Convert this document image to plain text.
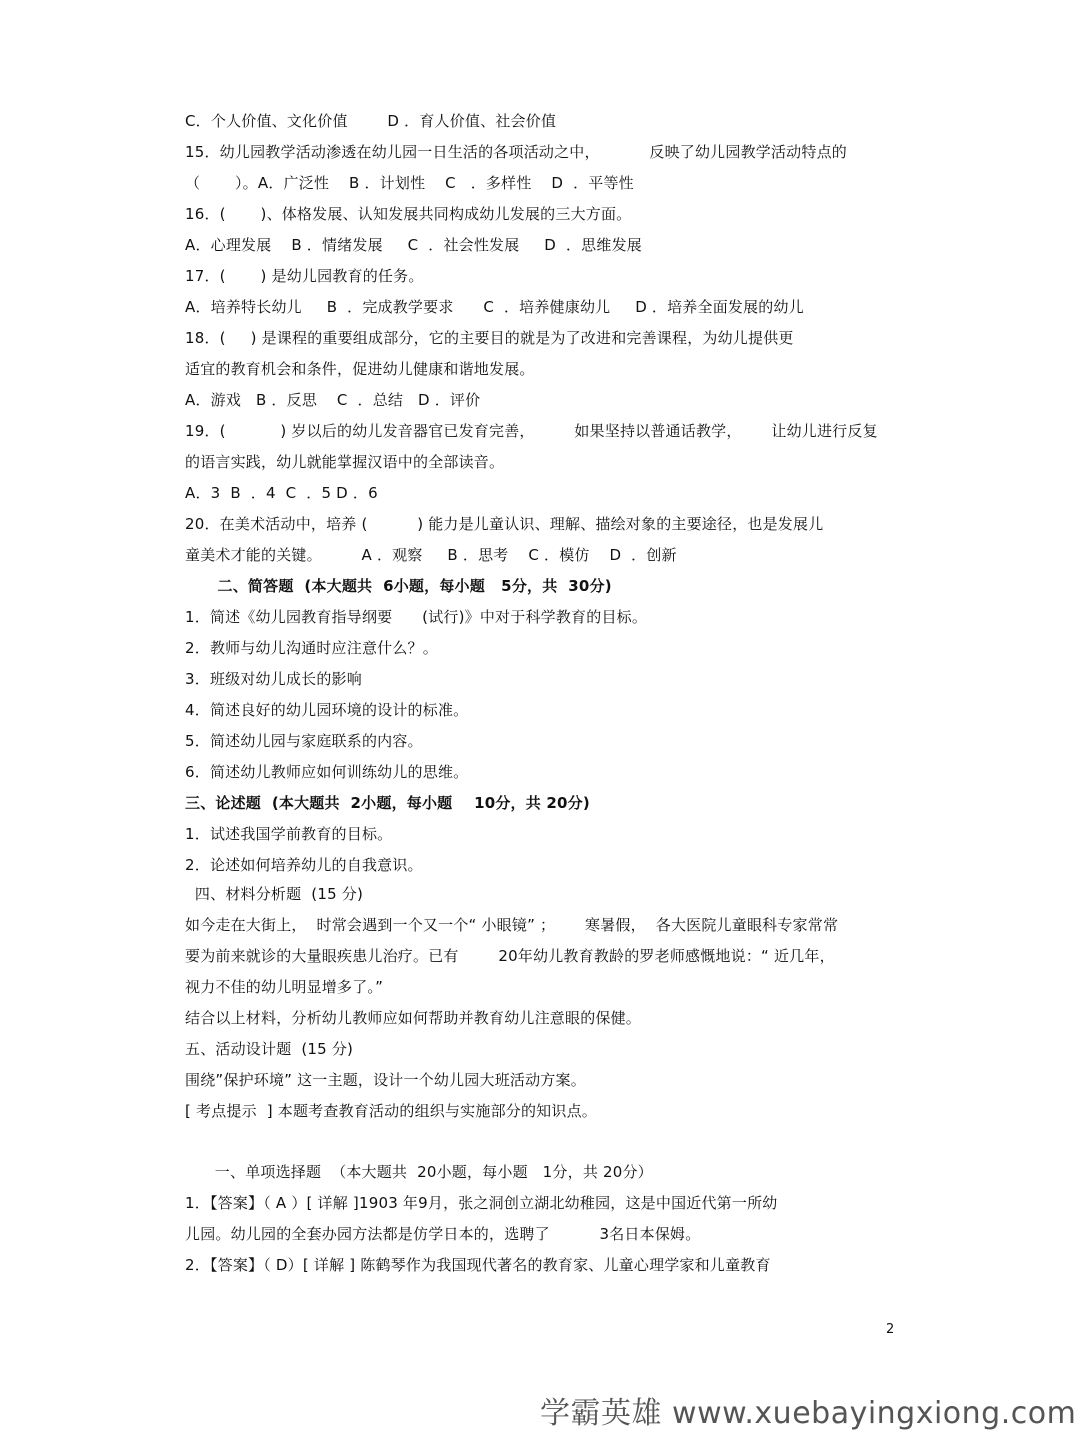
C．个人价值、文化价值        D ．育人价值、社会价值
15．幼儿园教学活动渗透在幼儿园一日生活的各项活动之中，          反映了幼儿园教学活动特点的
（       ）。A．广泛性    B ．计划性    C   ．多样性    D  ．平等性
16．(       )、体格发展、认知发展共同构成幼儿发展的三大方面。
A．心理发展    B ．情绪发展     C  ．社会性发展     D  ．思维发展
17．(       ) 是幼儿园教育的任务。
A．培养特长幼儿     B  ．完成教学要求      C  ．培养健康幼儿     D ．培养全面发展的幼儿
18．(     ) 是课程的重要组成部分，它的主要目的就是为了改进和完善课程，为幼儿提供更
适宜的教育机会和条件，促进幼儿健康和谐地发展。
A．游戏   B ．反思    C  ．总结   D ．评价
19．(           ) 岁以后的幼儿发音器官已发育完善，        如果坚持以普通话教学，      让幼儿进行反复
的语言实践，幼儿就能掌握汉语中的全部读音。
A．3  B  ．4  C  ．5 D ．6
20．在美术活动中，培养 (          ) 能力是儿童认识、理解、描绘对象的主要途径，也是发展儿
童美术才能的关键。        A ．观察     B ．思考    C ．模仿    D  ．创新
二、简答题  (本大题共  6小题，每小题   5分，共  30分)
1．简述《幼儿园教育指导纲要      (试行)》中对于科学教育的目标。
2．教师与幼儿沟通时应注意什么？。
3．班级对幼儿成长的影响
4．简述良好的幼儿园环境的设计的标准。
5．简述幼儿园与家庭联系的内容。
6．简述幼儿教师应如何训练幼儿的思维。
三、论述题  (本大题共  2小题，每小题    10分，共 20分)
1．试述我国学前教育的目标。
2．论述如何培养幼儿的自我意识。
四、材料分析题  (15 分)
如今走在大街上，  时常会遇到一个又一个“ 小眼镜” ；      寒暑假，  各大医院儿童眼科专家常常
要为前来就诊的大量眼疾患儿治疗。已有        20年幼儿教育教龄的罗老师感慨地说：“ 近几年，
视力不佳的幼儿明显增多了。”
结合以上材料，分析幼儿教师应如何帮助并教育幼儿注意眼的保健。
五、活动设计题  (15 分)
围绕”保护环境” 这一主题，设计一个幼儿园大班活动方案。
[ 考点提示  ] 本题考查教育活动的组织与实施部分的知识点。
一、单项选择题  （本大题共  20小题，每小题   1分，共 20分）
1．【答案】（ A ）[ 详解 ]1903 年9月，张之洞创立湖北幼稚园，这是中国近代第一所幼
儿园。幼儿园的全套办园方法都是仿学日本的，选聘了          3名日本保姆。
2．【答案】（ D）[ 详解 ] 陈鹤琴作为我国现代著名的教育家、儿童心理学家和儿童教育
2
学霸英雄 www.xuebayingxiong.com
